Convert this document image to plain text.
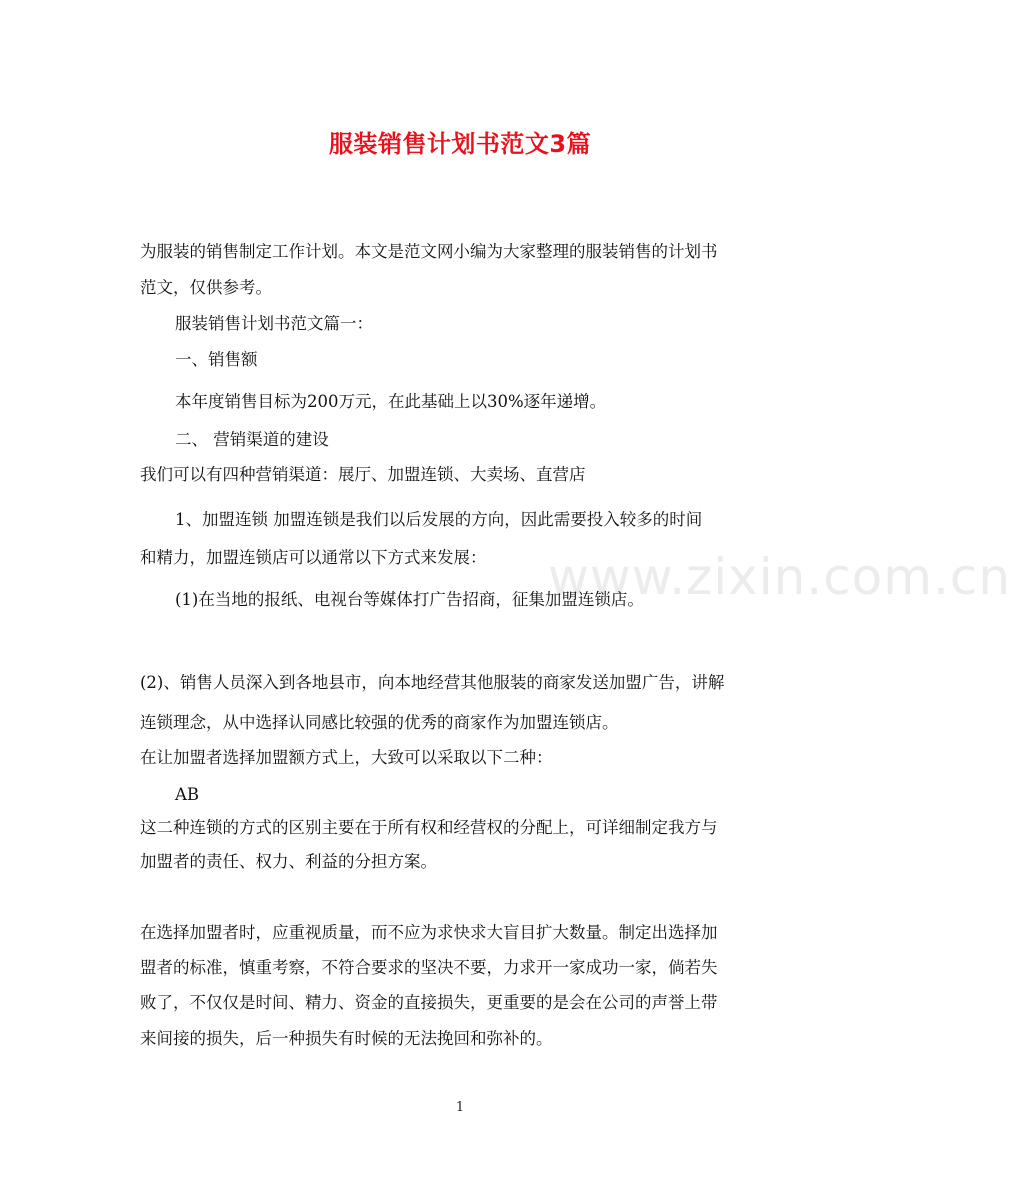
www.zixin.com.cn
服装销售计划书范文3篇
为服装的销售制定工作计划。本文是范文网小编为大家整理的服装销售的计划书
范文，仅供参考。
服装销售计划书范文篇一：
一、销售额
本年度销售目标为200万元，在此基础上以30%逐年递增。
二、 营销渠道的建设
我们可以有四种营销渠道：展厅、加盟连锁、大卖场、直营店
1、加盟连锁 加盟连锁是我们以后发展的方向，因此需要投入较多的时间
和精力，加盟连锁店可以通常以下方式来发展：
(1)在当地的报纸、电视台等媒体打广告招商，征集加盟连锁店。
(2)、销售人员深入到各地县市，向本地经营其他服装的商家发送加盟广告，讲解
连锁理念，从中选择认同感比较强的优秀的商家作为加盟连锁店。
在让加盟者选择加盟额方式上，大致可以采取以下二种：
AB
这二种连锁的方式的区别主要在于所有权和经营权的分配上，可详细制定我方与
加盟者的责任、权力、利益的分担方案。
在选择加盟者时，应重视质量，而不应为求快求大盲目扩大数量。制定出选择加
盟者的标准，慎重考察，不符合要求的坚决不要，力求开一家成功一家，倘若失
败了，不仅仅是时间、精力、资金的直接损失，更重要的是会在公司的声誉上带
来间接的损失，后一种损失有时候的无法挽回和弥补的。
1
